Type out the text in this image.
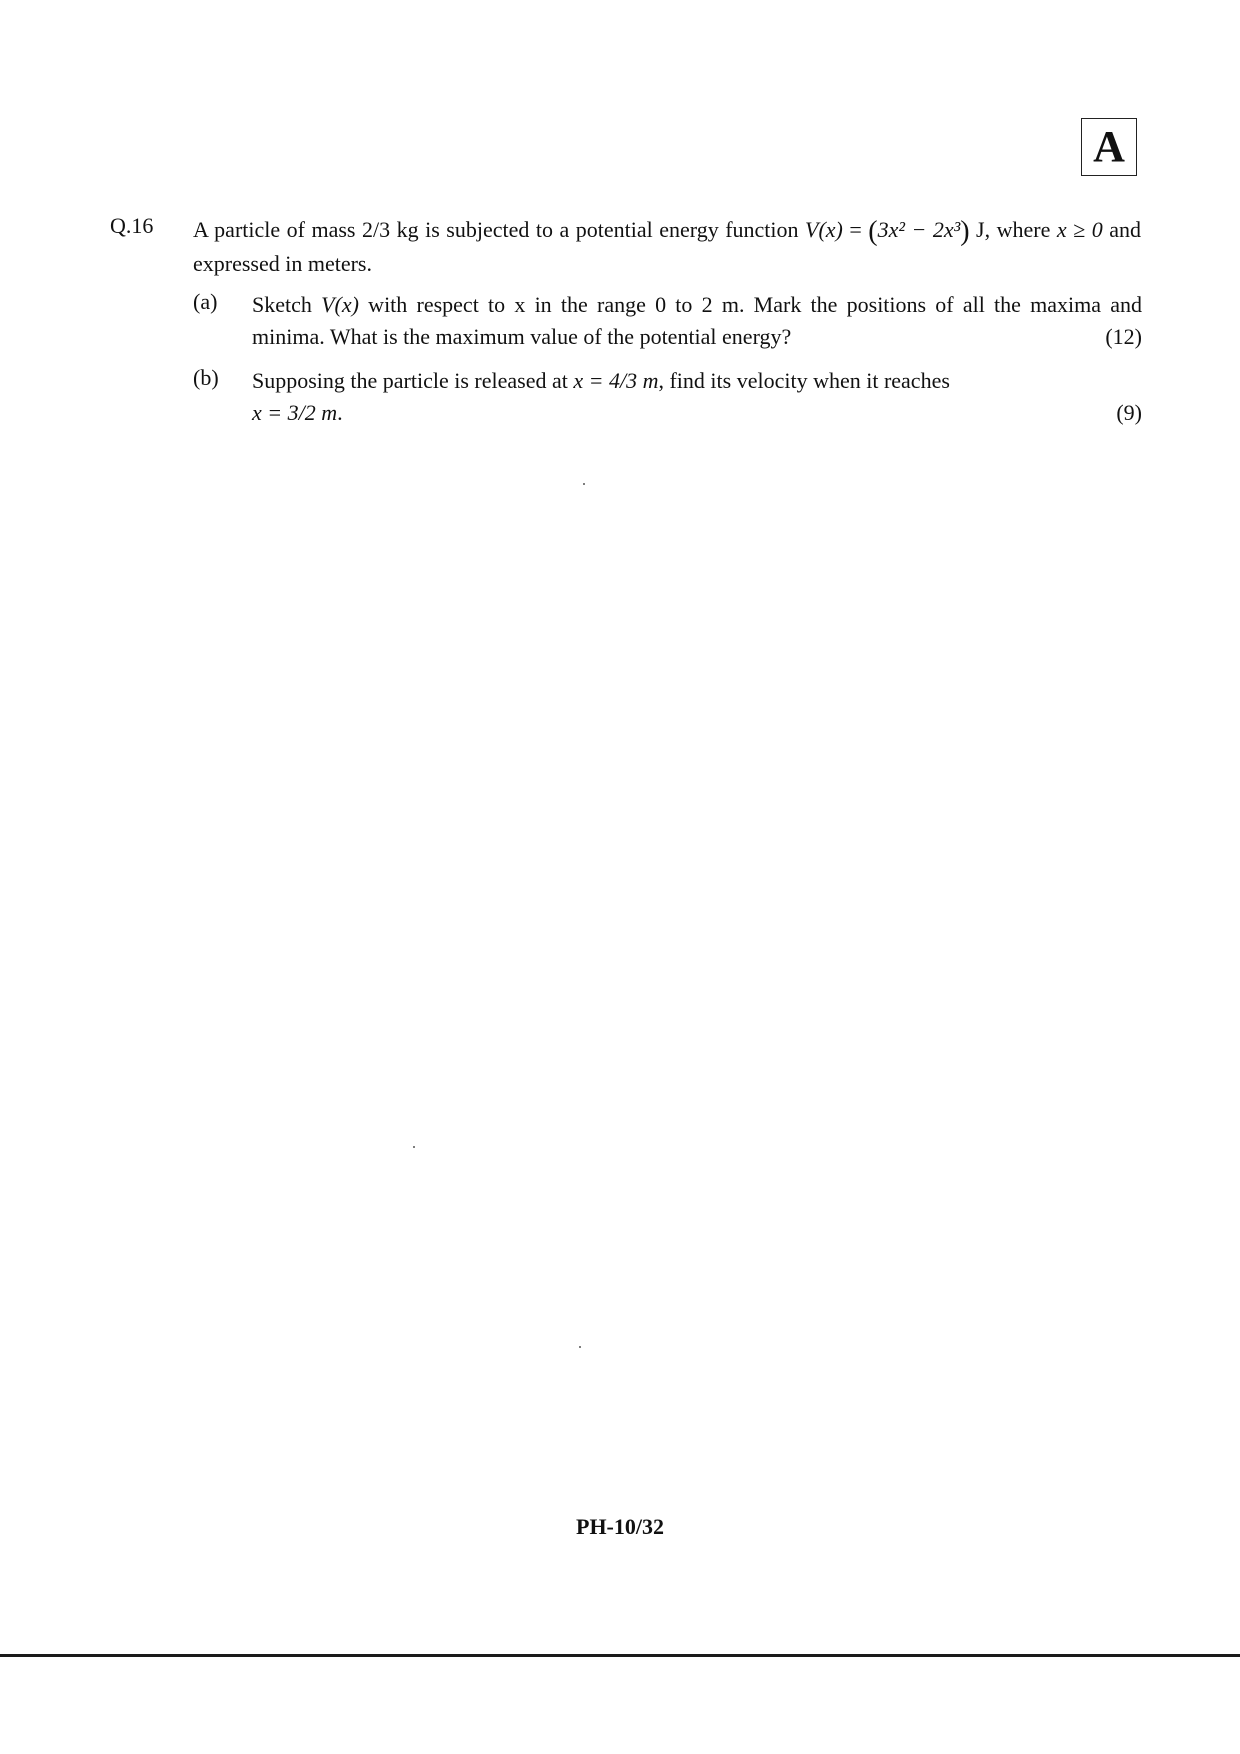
A
Q.16 A particle of mass 2/3 kg is subjected to a potential energy function V(x) = (3x² − 2x³) J, where x ≥ 0 and expressed in meters.
(a) Sketch V(x) with respect to x in the range 0 to 2 m. Mark the positions of all the maxima and minima. What is the maximum value of the potential energy?	(12)
(b) Supposing the particle is released at x = 4/3 m, find its velocity when it reaches
x = 3/2 m.	(9)
PH-10/32
